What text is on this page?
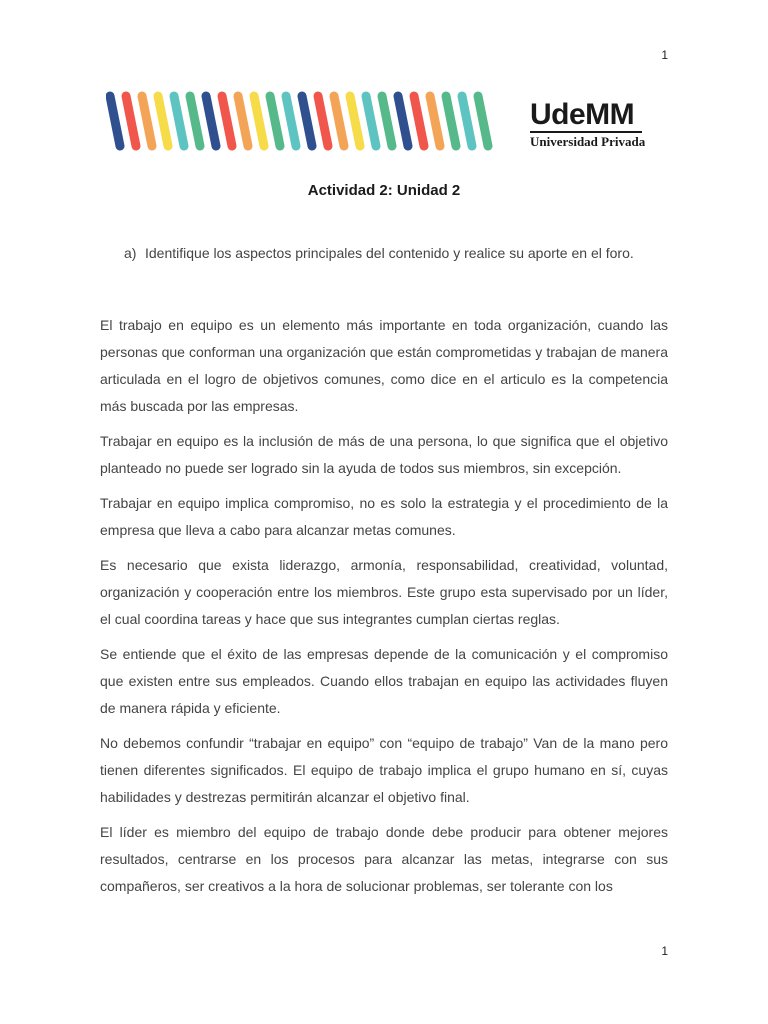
1
UdeMM
Universidad Privada
Actividad 2: Unidad 2
a) Identifique los aspectos principales del contenido y realice su aporte en el foro.

El trabajo en equipo es un elemento más importante en toda organización, cuando las personas que conforman una organización que están comprometidas y trabajan de manera articulada en el logro de objetivos comunes, como dice en el articulo es la competencia más buscada por las empresas.

Trabajar en equipo es la inclusión de más de una persona, lo que significa que el objetivo planteado no puede ser logrado sin la ayuda de todos sus miembros, sin excepción.

Trabajar en equipo implica compromiso, no es solo la estrategia y el procedimiento de la empresa que lleva a cabo para alcanzar metas comunes.

Es necesario que exista liderazgo, armonía, responsabilidad, creatividad, voluntad, organización y cooperación entre los miembros. Este grupo esta supervisado por un líder, el cual coordina tareas y hace que sus integrantes cumplan ciertas reglas.

Se entiende que el éxito de las empresas depende de la comunicación y el compromiso que existen entre sus empleados. Cuando ellos trabajan en equipo las actividades fluyen de manera rápida y eficiente.

No debemos confundir “trabajar en equipo” con “equipo de trabajo” Van de la mano pero tienen diferentes significados. El equipo de trabajo implica el grupo humano en sí, cuyas habilidades y destrezas permitirán alcanzar el objetivo final.

El líder es miembro del equipo de trabajo donde debe producir para obtener mejores resultados, centrarse en los procesos para alcanzar las metas, integrarse con sus compañeros, ser creativos a la hora de solucionar problemas, ser tolerante con los

1
